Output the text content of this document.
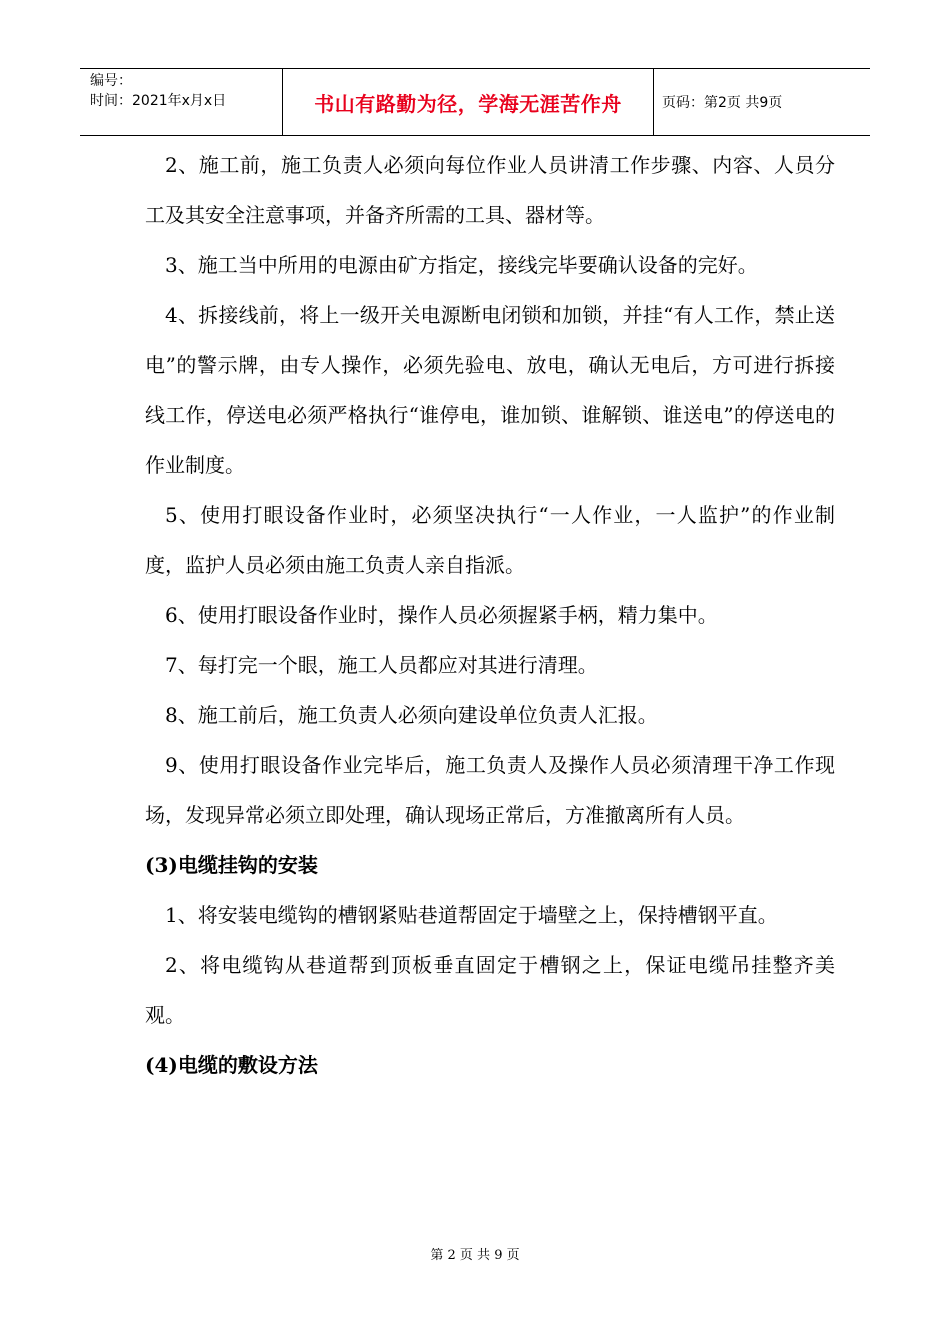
编号：
时间：2021年x月x日	书山有路勤为径，学海无涯苦作舟	页码：第2页 共9页

2、施工前，施工负责人必须向每位作业人员讲清工作步骤、内容、人员分工及其安全注意事项，并备齐所需的工具、器材等。

3、施工当中所用的电源由矿方指定，接线完毕要确认设备的完好。

4、拆接线前，将上一级开关电源断电闭锁和加锁，并挂“有人工作，禁止送电”的警示牌，由专人操作，必须先验电、放电，确认无电后，方可进行拆接线工作，停送电必须严格执行“谁停电，谁加锁、谁解锁、谁送电”的停送电的作业制度。

5、使用打眼设备作业时，必须坚决执行“一人作业，一人监护”的作业制度，监护人员必须由施工负责人亲自指派。

6、使用打眼设备作业时，操作人员必须握紧手柄，精力集中。

7、每打完一个眼，施工人员都应对其进行清理。

8、施工前后，施工负责人必须向建设单位负责人汇报。

9、使用打眼设备作业完毕后，施工负责人及操作人员必须清理干净工作现场，发现异常必须立即处理，确认现场正常后，方准撤离所有人员。

(3)电缆挂钩的安装

1、将安装电缆钩的槽钢紧贴巷道帮固定于墙壁之上，保持槽钢平直。

2、将电缆钩从巷道帮到顶板垂直固定于槽钢之上，保证电缆吊挂整齐美观。

(4)电缆的敷设方法

第 2 页 共 9 页
